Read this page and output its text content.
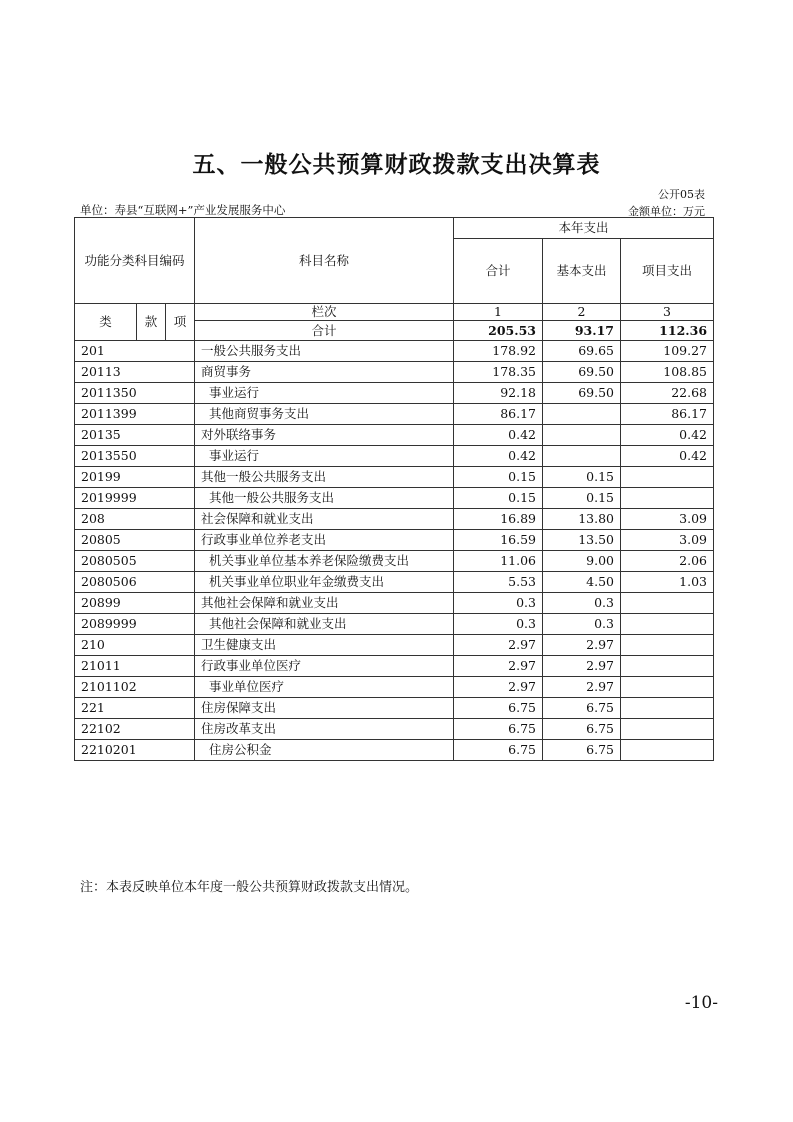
五、一般公共预算财政拨款支出决算表
公开05表
单位：寿县“互联网+”产业发展服务中心	金额单位：万元
功能分类科目编码			科目名称	本年支出		
				合计	基本支出	项目支出

类	款	项	栏次	1	2	3
			合计	205.53	93.17	112.36
201			一般公共服务支出	178.92	69.65	109.27
20113			商贸事务	178.35	69.50	108.85
2011350			事业运行	92.18	69.50	22.68
2011399			其他商贸事务支出	86.17		86.17
20135			对外联络事务	0.42		0.42
2013550			事业运行	0.42		0.42
20199			其他一般公共服务支出	0.15	0.15	
2019999			其他一般公共服务支出	0.15	0.15	
208			社会保障和就业支出	16.89	13.80	3.09
20805			行政事业单位养老支出	16.59	13.50	3.09
2080505			机关事业单位基本养老保险缴费支出	11.06	9.00	2.06
2080506			机关事业单位职业年金缴费支出	5.53	4.50	1.03
20899			其他社会保障和就业支出	0.3	0.3	
2089999			其他社会保障和就业支出	0.3	0.3	
210			卫生健康支出	2.97	2.97	
21011			行政事业单位医疗	2.97	2.97	
2101102			事业单位医疗	2.97	2.97	
221			住房保障支出	6.75	6.75	
22102			住房改革支出	6.75	6.75	
2210201			住房公积金	6.75	6.75	
注：本表反映单位本年度一般公共预算财政拨款支出情况。
-10-
